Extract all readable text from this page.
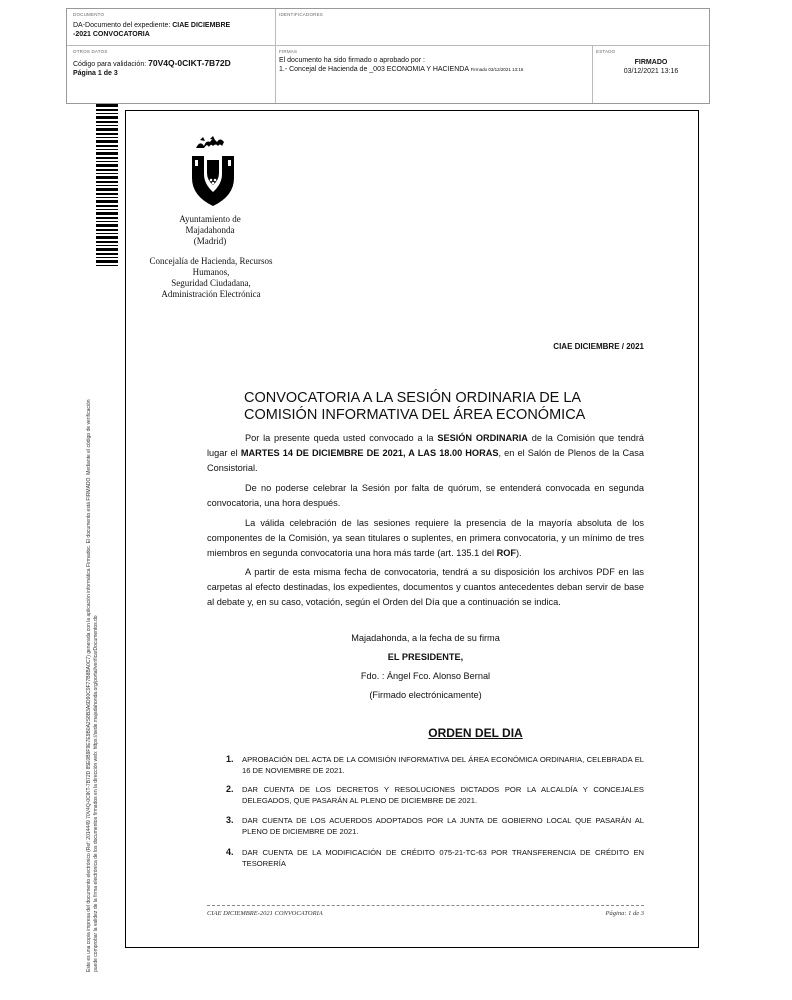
DOCUMENTO
DA-Documento del expediente: CIAE DICIEMBRE
-2021 CONVOCATORIA
IDENTIFICADORES
OTROS DATOS
Código para validación: 70V4Q-0CIKT-7B72D
Página 1 de 3
FIRMAS
El documento ha sido firmado o aprobado por :
1.- Concejal de Hacienda de _003 ECONOMIA Y HACIENDA Firmado 03/12/2021 13:16
ESTADO
FIRMADO
03/12/2021 13:16
Este es una copia impresa del documento electrónico (Ref: 2014449 70V4Q-0CIKT-7B72D 85E0B9F9E7E9B0A2S8B3A6D90C9F77B8BA0C7) generada con la aplicación informática Firmadoc. El documento está FIRMADO. Mediante el código de verificación puede comprobar la validez de la firma electrónica de los documentos firmados en la dirección web: https://sede.majadahonda.org/portal/verificarDocumentos.do
Ayuntamiento de
Majadahonda
(Madrid)
Concejalía de Hacienda, Recursos
Humanos,
Seguridad Ciudadana,
Administración Electrónica
CIAE DICIEMBRE / 2021
CONVOCATORIA A LA SESIÓN ORDINARIA DE LA
COMISIÓN INFORMATIVA DEL ÁREA ECONÓMICA
Por la presente queda usted convocado a la SESIÓN ORDINARIA de la Comisión que tendrá lugar el MARTES 14 DE DICIEMBRE DE 2021, A LAS 18.00 HORAS, en el Salón de Plenos de la Casa Consistorial.
De no poderse celebrar la Sesión por falta de quórum, se entenderá convocada en segunda convocatoria, una hora después.
La válida celebración de las sesiones requiere la presencia de la mayoría absoluta de los componentes de la Comisión, ya sean titulares o suplentes, en primera convocatoria, y un mínimo de tres miembros en segunda convocatoria una hora más tarde (art. 135.1 del ROF).
A partir de esta misma fecha de convocatoria, tendrá a su disposición los archivos PDF en las carpetas al efecto destinadas, los expedientes, documentos y cuantos antecedentes deban servir de base al debate y, en su caso, votación, según el Orden del Día que a continuación se indica.
Majadahonda, a la fecha de su firma
EL PRESIDENTE,
Fdo. : Ángel Fco. Alonso Bernal
(Firmado electrónicamente)
ORDEN DEL DIA
1. APROBACIÓN DEL ACTA DE LA COMISIÓN INFORMATIVA DEL ÁREA ECONÓMICA ORDINARIA, CELEBRADA EL 16 DE NOVIEMBRE DE 2021.
2. DAR CUENTA DE LOS DECRETOS Y RESOLUCIONES DICTADOS POR LA ALCALDÍA Y CONCEJALES DELEGADOS, QUE PASARÁN AL PLENO DE DICIEMBRE DE 2021.
3. DAR CUENTA DE LOS ACUERDOS ADOPTADOS POR LA JUNTA DE GOBIERNO LOCAL QUE PASARÁN AL PLENO DE DICIEMBRE DE 2021.
4. DAR CUENTA DE LA MODIFICACIÓN DE CRÉDITO 075-21-TC-63 POR TRANSFERENCIA DE CRÉDITO EN TESORERÍA
CIAE DICIEMBRE-2021 CONVOCATORIA	Página: 1 de 3
